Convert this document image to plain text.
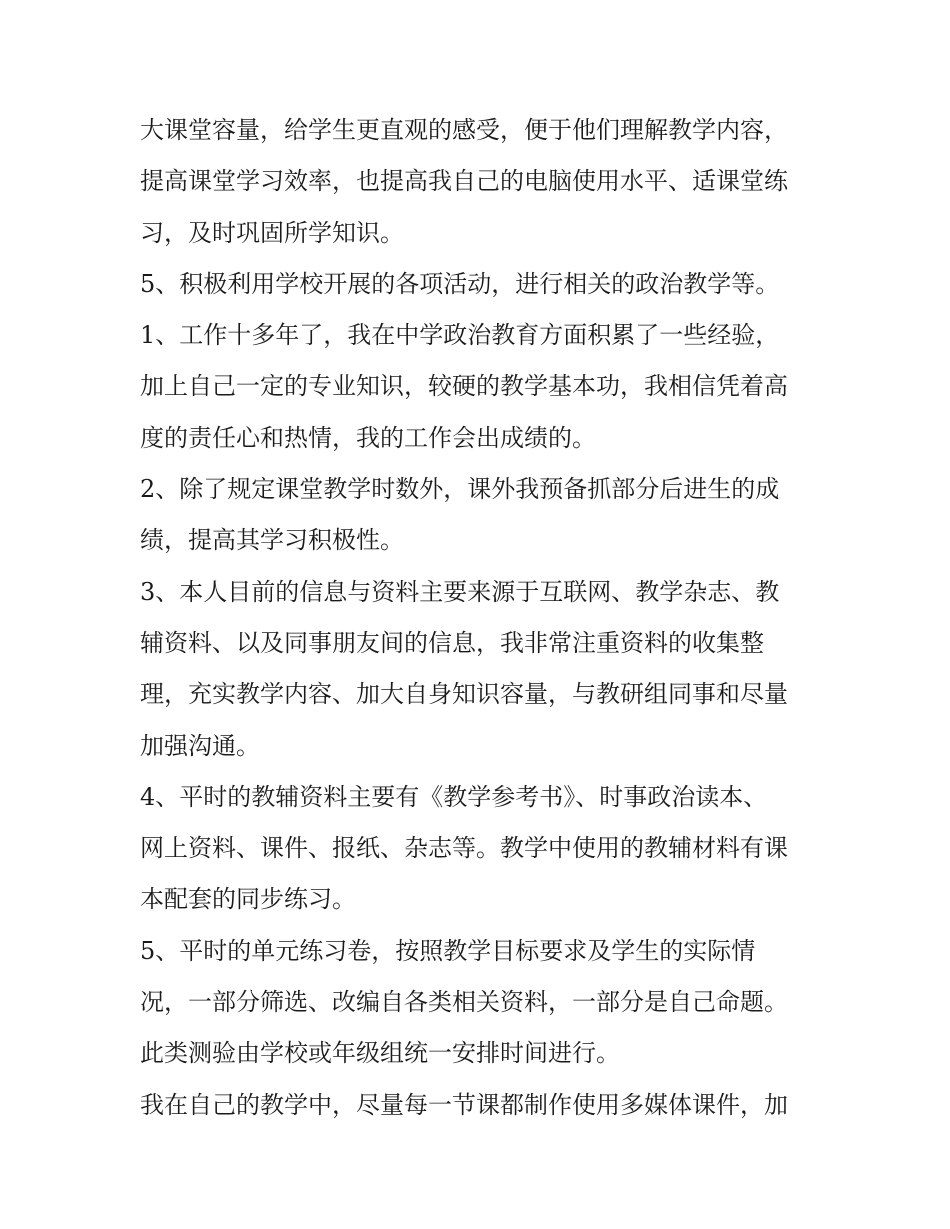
大课堂容量，给学生更直观的感受，便于他们理解教学内容，
提高课堂学习效率，也提高我自己的电脑使用水平、适课堂练
习，及时巩固所学知识。
5、积极利用学校开展的各项活动，进行相关的政治教学等。
1、工作十多年了，我在中学政治教育方面积累了一些经验，
加上自己一定的专业知识，较硬的教学基本功，我相信凭着高
度的责任心和热情，我的工作会出成绩的。
2、除了规定课堂教学时数外，课外我预备抓部分后进生的成
绩，提高其学习积极性。
3、本人目前的信息与资料主要来源于互联网、教学杂志、教
辅资料、以及同事朋友间的信息，我非常注重资料的收集整
理，充实教学内容、加大自身知识容量，与教研组同事和尽量
加强沟通。
4、平时的教辅资料主要有《教学参考书》、时事政治读本、
网上资料、课件、报纸、杂志等。教学中使用的教辅材料有课
本配套的同步练习。
5、平时的单元练习卷，按照教学目标要求及学生的实际情
况，一部分筛选、改编自各类相关资料，一部分是自己命题。
此类测验由学校或年级组统一安排时间进行。
我在自己的教学中，尽量每一节课都制作使用多媒体课件，加
